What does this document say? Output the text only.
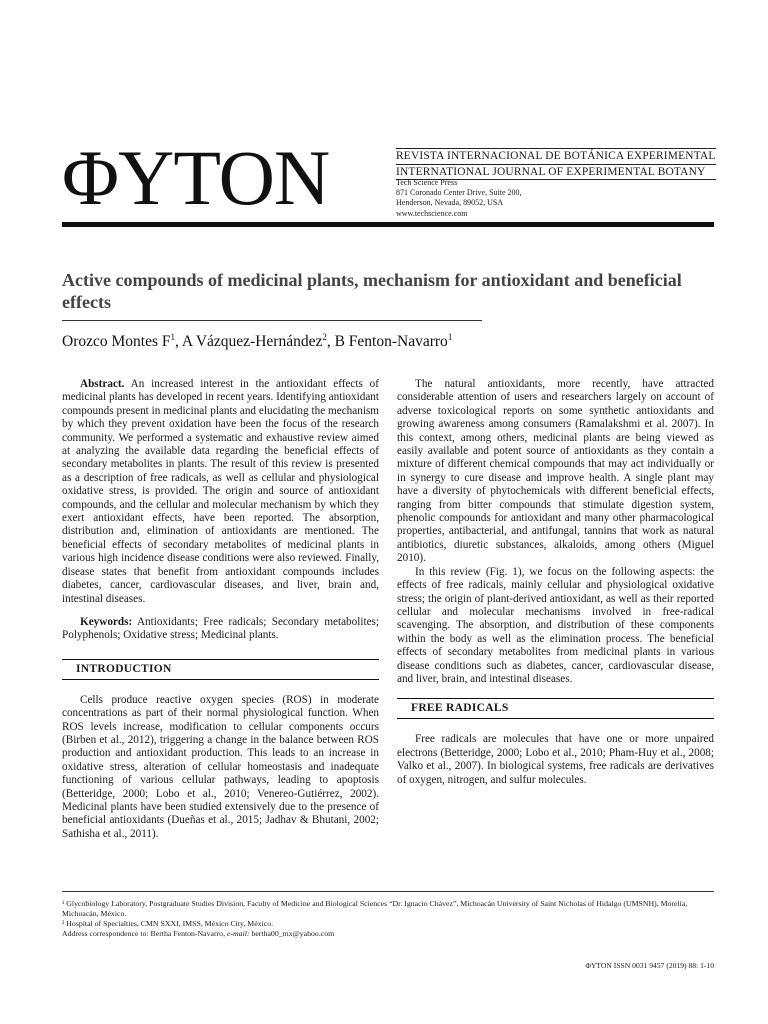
ΦYTON	REVISTA INTERNACIONAL DE BOTÁNICA EXPERIMENTAL
INTERNATIONAL JOURNAL OF EXPERIMENTAL BOTANY
Tech Science Press
871 Coronado Center Drive, Suite 200,
Henderson, Nevada, 89052, USA
www.techscience.com
Active compounds of medicinal plants, mechanism for antioxidant and beneficial effects
Orozco Montes $F^1$, A Vázquez-Hernández$^2$, B Fenton-Navarro$^1$

Abstract. An increased interest in the antioxidant effects of medicinal plants has developed in recent years. Identifying antioxidant compounds present in medicinal plants and elucidating the mechanism by which they prevent oxidation have been the focus of the research community. We performed a systematic and exhaustive review aimed at analyzing the available data regarding the beneficial effects of secondary metabolites in plants. The result of this review is presented as a description of free radicals, as well as cellular and physiological oxidative stress, is provided. The origin and source of antioxidant compounds, and the cellular and molecular mechanism by which they exert antioxidant effects, have been reported. The absorption, distribution and, elimination of antioxidants are mentioned. The beneficial effects of secondary metabolites of medicinal plants in various high incidence disease conditions were also reviewed. Finally, disease states that benefit from antioxidant compounds includes diabetes, cancer, cardiovascular diseases, and liver, brain and, intestinal diseases.

Keywords: Antioxidants; Free radicals; Secondary metabolites; Polyphenols; Oxidative stress; Medicinal plants.

INTRODUCTION

Cells produce reactive oxygen species (ROS) in moderate concentrations as part of their normal physiological function. When ROS levels increase, modification to cellular components occurs (Birben et al., 2012), triggering a change in the balance between ROS production and antioxidant production. This leads to an increase in oxidative stress, alteration of cellular homeostasis and inadequate functioning of various cellular pathways, leading to apoptosis (Betteridge, 2000; Lobo et al., 2010; Venereo-Gutiérrez, 2002). Medicinal plants have been studied extensively due to the presence of beneficial antioxidants (Dueñas et al., 2015; Jadhav & Bhutani, 2002; Sathisha et al., 2011).

The natural antioxidants, more recently, have attracted considerable attention of users and researchers largely on account of adverse toxicological reports on some synthetic antioxidants and growing awareness among consumers (Ramalakshmi et al. 2007). In this context, among others, medicinal plants are being viewed as easily available and potent source of antioxidants as they contain a mixture of different chemical compounds that may act individually or in synergy to cure disease and improve health. A single plant may have a diversity of phytochemicals with different beneficial effects, ranging from bitter compounds that stimulate digestion system, phenolic compounds for antioxidant and many other pharmacological properties, antibacterial, and antifungal, tannins that work as natural antibiotics, diuretic substances, alkaloids, among others (Miguel 2010).

In this review (Fig. 1), we focus on the following aspects: the effects of free radicals, mainly cellular and physiological oxidative stress; the origin of plant-derived antioxidant, as well as their reported cellular and molecular mechanisms involved in free-radical scavenging. The absorption, and distribution of these components within the body as well as the elimination process. The beneficial effects of secondary metabolites from medicinal plants in various disease conditions such as diabetes, cancer, cardiovascular disease, and liver, brain, and intestinal diseases.

FREE RADICALS

Free radicals are molecules that have one or more unpaired electrons (Betteridge, 2000; Lobo et al., 2010; Pham-Huy et al., 2008; Valko et al., 2007). In biological systems, free radicals are derivatives of oxygen, nitrogen, and sulfur molecules.

¹ Glycobiology Laboratory, Postgraduate Studies Division, Faculty of Medicine and Biological Sciences “Dr. Ignacio Chávez”, Michoacán University of Saint Nicholas of Hidalgo (UMSNH), Morelia, Michoacán, México.
² Hospital of Specialties, CMN SXXI, IMSS, México City, México.
Address correspondence to: Bertha Fenton-Navarro, e-mail: bertha00_mx@yahoo.com
ΦYTON ISSN 0031 9457 (2019) 88: 1-10
